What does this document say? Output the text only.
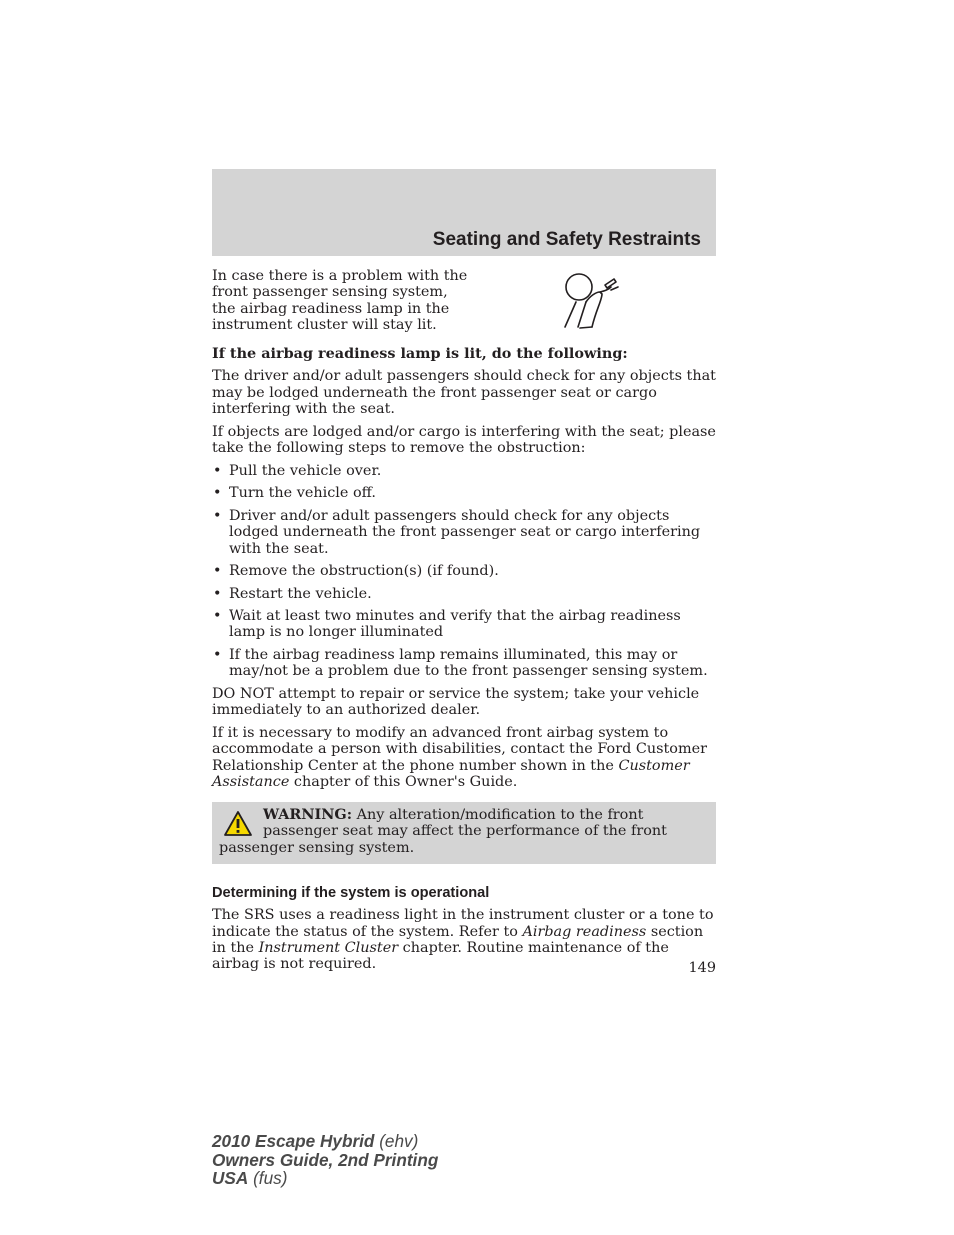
Seating and Safety Restraints

In case there is a problem with the front passenger sensing system, the airbag readiness lamp in the instrument cluster will stay lit.

If the airbag readiness lamp is lit, do the following:

The driver and/or adult passengers should check for any objects that may be lodged underneath the front passenger seat or cargo interfering with the seat.

If objects are lodged and/or cargo is interfering with the seat; please take the following steps to remove the obstruction:

• Pull the vehicle over.
• Turn the vehicle off.
• Driver and/or adult passengers should check for any objects lodged underneath the front passenger seat or cargo interfering with the seat.
• Remove the obstruction(s) (if found).
• Restart the vehicle.
• Wait at least two minutes and verify that the airbag readiness lamp is no longer illuminated
• If the airbag readiness lamp remains illuminated, this may or may/not be a problem due to the front passenger sensing system.

DO NOT attempt to repair or service the system; take your vehicle immediately to an authorized dealer.

If it is necessary to modify an advanced front airbag system to accommodate a person with disabilities, contact the Ford Customer Relationship Center at the phone number shown in the Customer Assistance chapter of this Owner's Guide.

WARNING: Any alteration/modification to the front passenger seat may affect the performance of the front passenger sensing system.
Determining if the system is operational

The SRS uses a readiness light in the instrument cluster or a tone to indicate the status of the system. Refer to Airbag readiness section in the Instrument Cluster chapter. Routine maintenance of the airbag is not required.	149
2010 Escape Hybrid (ehv)
Owners Guide, 2nd Printing
USA (fus)
